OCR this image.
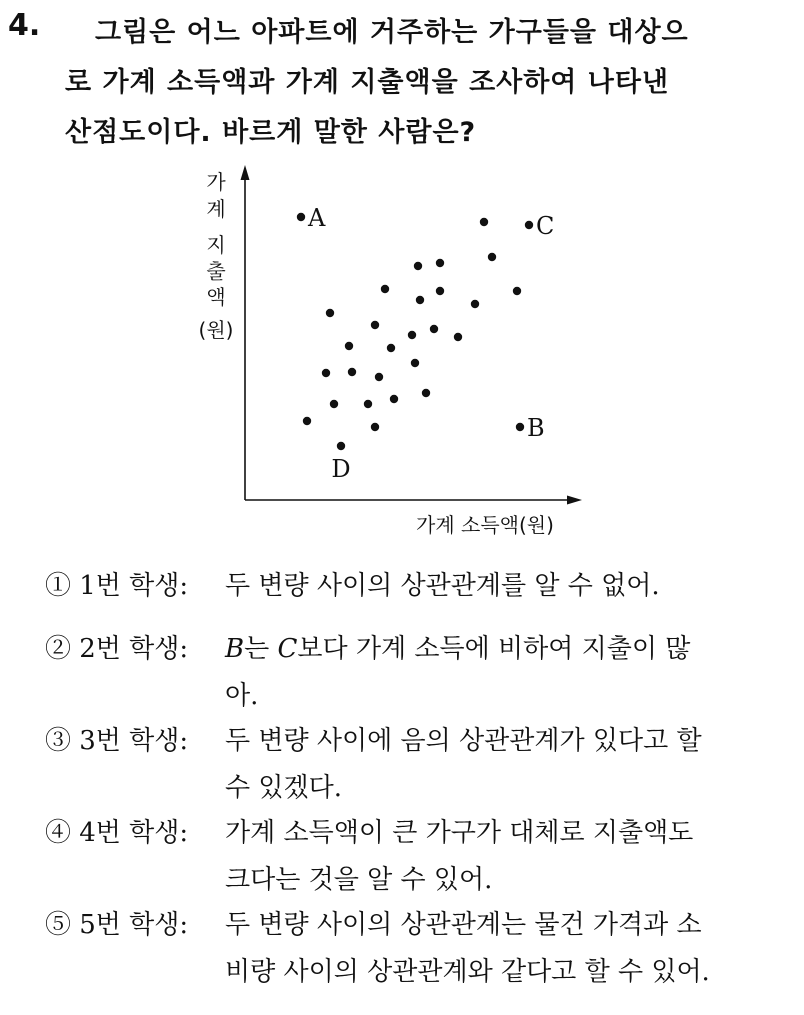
4. 그림은 어느 아파트에 거주하는 가구들을 대상으
로 가계 소득액과 가계 지출액을 조사하여 나타낸
산점도이다. 바르게 말한 사람은?
가
계
지
출
액
(원)
가계 소득액(원)
A	C
B
D
① 1번 학생: 두 변량 사이의 상관관계를 알 수 없어.
② 2번 학생: B는 C보다 가계 소득에 비하여 지출이 많
아.
③ 3번 학생: 두 변량 사이에 음의 상관관계가 있다고 할
수 있겠다.
④ 4번 학생: 가계 소득액이 큰 가구가 대체로 지출액도
크다는 것을 알 수 있어.
⑤ 5번 학생: 두 변량 사이의 상관관계는 물건 가격과 소
비량 사이의 상관관계와 같다고 할 수 있어.
